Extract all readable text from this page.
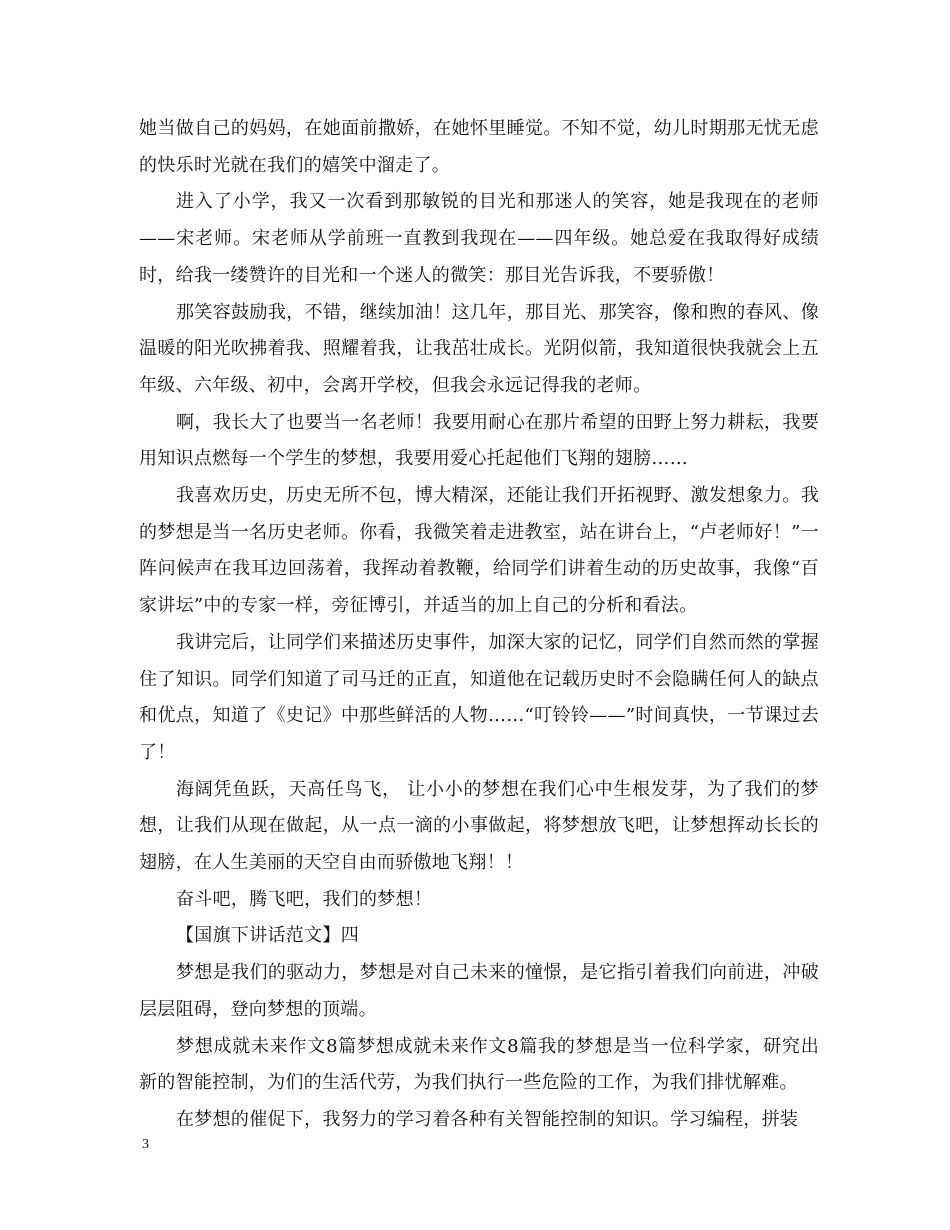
她当做自己的妈妈，在她面前撒娇，在她怀里睡觉。不知不觉，幼儿时期那无忧无虑的快乐时光就在我们的嬉笑中溜走了。

进入了小学，我又一次看到那敏锐的目光和那迷人的笑容，她是我现在的老师——宋老师。宋老师从学前班一直教到我现在——四年级。她总爱在我取得好成绩时，给我一缕赞许的目光和一个迷人的微笑：那目光告诉我，不要骄傲！

那笑容鼓励我，不错，继续加油！这几年，那目光、那笑容，像和煦的春风、像温暖的阳光吹拂着我、照耀着我，让我茁壮成长。光阴似箭，我知道很快我就会上五年级、六年级、初中，会离开学校，但我会永远记得我的老师。

啊，我长大了也要当一名老师！我要用耐心在那片希望的田野上努力耕耘，我要用知识点燃每一个学生的梦想，我要用爱心托起他们飞翔的翅膀……

我喜欢历史，历史无所不包，博大精深，还能让我们开拓视野、激发想象力。我的梦想是当一名历史老师。你看，我微笑着走进教室，站在讲台上，“卢老师好！”一阵问候声在我耳边回荡着，我挥动着教鞭，给同学们讲着生动的历史故事，我像“百家讲坛”中的专家一样，旁征博引，并适当的加上自己的分析和看法。

我讲完后，让同学们来描述历史事件，加深大家的记忆，同学们自然而然的掌握住了知识。同学们知道了司马迁的正直，知道他在记载历史时不会隐瞒任何人的缺点和优点，知道了《史记》中那些鲜活的人物……“叮铃铃——”时间真快，一节课过去了！

海阔凭鱼跃，天高任鸟飞， 让小小的梦想在我们心中生根发芽，为了我们的梦想，让我们从现在做起，从一点一滴的小事做起，将梦想放飞吧，让梦想挥动长长的翅膀，在人生美丽的天空自由而骄傲地飞翔！！

奋斗吧，腾飞吧，我们的梦想！

【国旗下讲话范文】四

梦想是我们的驱动力，梦想是对自己未来的憧憬，是它指引着我们向前进，冲破层层阻碍，登向梦想的顶端。

梦想成就未来作文8篇梦想成就未来作文8篇我的梦想是当一位科学家，研究出新的智能控制，为们的生活代劳，为我们执行一些危险的工作，为我们排忧解难。

在梦想的催促下，我努力的学习着各种有关智能控制的知识。学习编程，拼装

3
